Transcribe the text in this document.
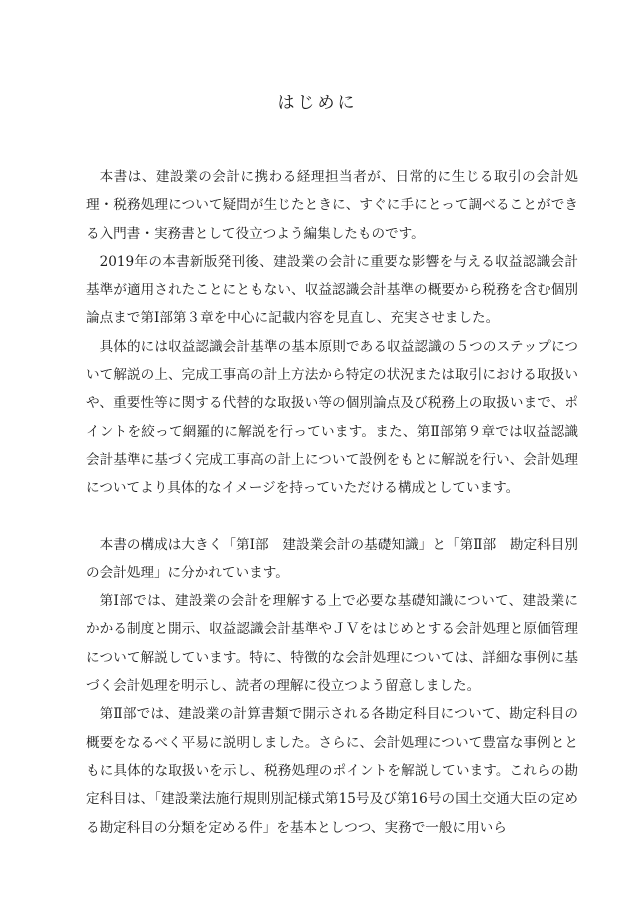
はじめに

本書は、建設業の会計に携わる経理担当者が、日常的に生じる取引の会計処理・税務処理について疑問が生じたときに、すぐに手にとって調べることができる入門書・実務書として役立つよう編集したものです。

2019年の本書新版発刊後、建設業の会計に重要な影響を与える収益認識会計基準が適用されたことにともない、収益認識会計基準の概要から税務を含む個別論点まで第Ⅰ部第３章を中心に記載内容を見直し、充実させました。

具体的には収益認識会計基準の基本原則である収益認識の５つのステップについて解説の上、完成工事高の計上方法から特定の状況または取引における取扱いや、重要性等に関する代替的な取扱い等の個別論点及び税務上の取扱いまで、ポイントを絞って網羅的に解説を行っています。また、第Ⅱ部第９章では収益認識会計基準に基づく完成工事高の計上について設例をもとに解説を行い、会計処理についてより具体的なイメージを持っていただける構成としています。

本書の構成は大きく「第Ⅰ部　建設業会計の基礎知識」と「第Ⅱ部　勘定科目別の会計処理」に分かれています。

第Ⅰ部では、建設業の会計を理解する上で必要な基礎知識について、建設業にかかる制度と開示、収益認識会計基準やＪＶをはじめとする会計処理と原価管理について解説しています。特に、特徴的な会計処理については、詳細な事例に基づく会計処理を明示し、読者の理解に役立つよう留意しました。

第Ⅱ部では、建設業の計算書類で開示される各勘定科目について、勘定科目の概要をなるべく平易に説明しました。さらに、会計処理について豊富な事例とともに具体的な取扱いを示し、税務処理のポイントを解説しています。これらの勘定科目は、「建設業法施行規則別記様式第15号及び第16号の国土交通大臣の定める勘定科目の分類を定める件」を基本としつつ、実務で一般に用いら
